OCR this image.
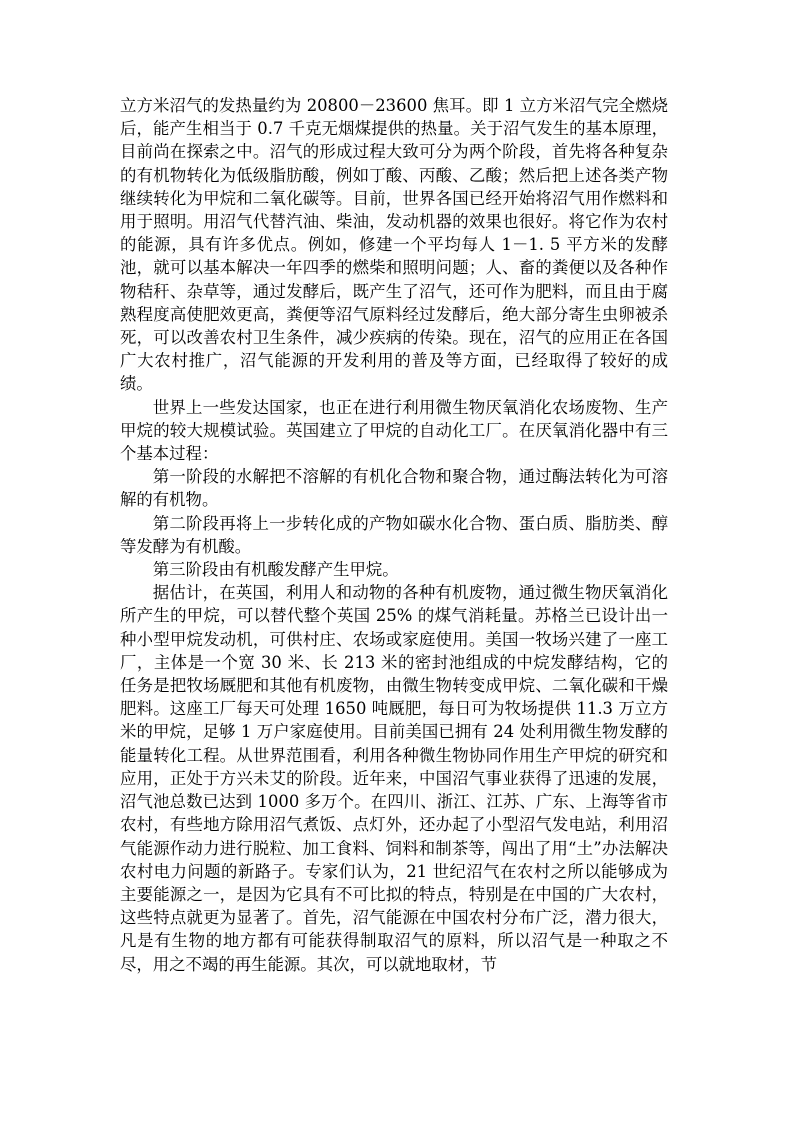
立方米沼气的发热量约为 20800－23600 焦耳。即 1 立方米沼气完全燃烧后，能产生相当于 0.7 千克无烟煤提供的热量。关于沼气发生的基本原理，目前尚在探索之中。沼气的形成过程大致可分为两个阶段，首先将各种复杂的有机物转化为低级脂肪酸，例如丁酸、丙酸、乙酸；然后把上述各类产物继续转化为甲烷和二氧化碳等。目前，世界各国已经开始将沼气用作燃料和用于照明。用沼气代替汽油、柴油，发动机器的效果也很好。将它作为农村的能源，具有许多优点。例如，修建一个平均每人 1－1. 5 平方米的发酵池，就可以基本解决一年四季的燃柴和照明问题；人、畜的粪便以及各种作物秸秆、杂草等，通过发酵后，既产生了沼气，还可作为肥料，而且由于腐熟程度高使肥效更高，粪便等沼气原料经过发酵后，绝大部分寄生虫卵被杀死，可以改善农村卫生条件，减少疾病的传染。现在，沼气的应用正在各国广大农村推广，沼气能源的开发利用的普及等方面，已经取得了较好的成绩。

世界上一些发达国家，也正在进行利用微生物厌氧消化农场废物、生产甲烷的较大规模试验。英国建立了甲烷的自动化工厂。在厌氧消化器中有三个基本过程：

第一阶段的水解把不溶解的有机化合物和聚合物，通过酶法转化为可溶解的有机物。

第二阶段再将上一步转化成的产物如碳水化合物、蛋白质、脂肪类、醇等发酵为有机酸。

第三阶段由有机酸发酵产生甲烷。

据估计，在英国，利用人和动物的各种有机废物，通过微生物厌氧消化所产生的甲烷，可以替代整个英国 25% 的煤气消耗量。苏格兰已设计出一种小型甲烷发动机，可供村庄、农场或家庭使用。美国一牧场兴建了一座工厂，主体是一个宽 30 米、长 213 米的密封池组成的中烷发酵结构，它的任务是把牧场厩肥和其他有机废物，由微生物转变成甲烷、二氧化碳和干燥肥料。这座工厂每天可处理 1650 吨厩肥，每日可为牧场提供 11.3 万立方米的甲烷，足够 1 万户家庭使用。目前美国已拥有 24 处利用微生物发酵的能量转化工程。从世界范围看，利用各种微生物协同作用生产甲烷的研究和应用，正处于方兴未艾的阶段。近年来，中国沼气事业获得了迅速的发展，沼气池总数已达到 1000 多万个。在四川、浙江、江苏、广东、上海等省市农村，有些地方除用沼气煮饭、点灯外，还办起了小型沼气发电站，利用沼气能源作动力进行脱粒、加工食料、饲料和制茶等，闯出了用“土”办法解决农村电力问题的新路子。专家们认为，21 世纪沼气在农村之所以能够成为主要能源之一，是因为它具有不可比拟的特点，特别是在中国的广大农村，这些特点就更为显著了。首先，沼气能源在中国农村分布广泛，潜力很大，凡是有生物的地方都有可能获得制取沼气的原料，所以沼气是一种取之不尽，用之不竭的再生能源。其次，可以就地取材，节
